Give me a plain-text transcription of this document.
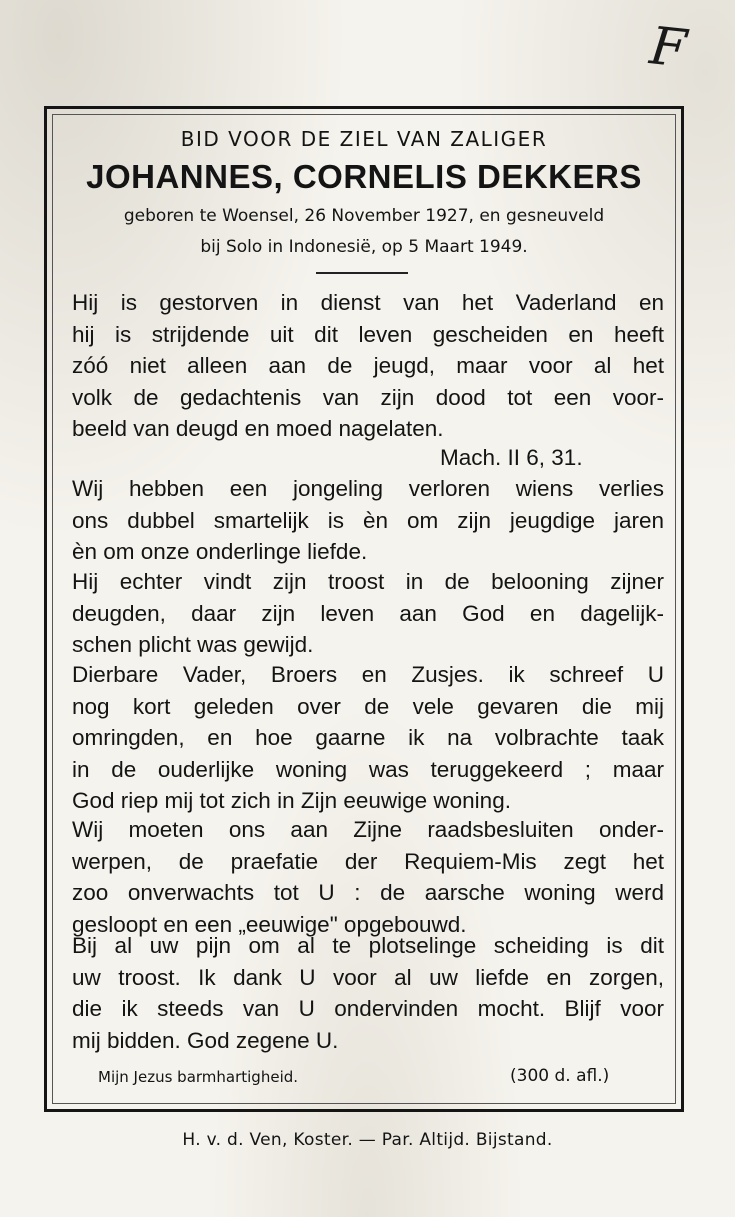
F

BID VOOR DE ZIEL VAN ZALIGER

JOHANNES, CORNELIS DEKKERS

geboren te Woensel, 26 November 1927, en gesneuveld

bij Solo in Indonesië, op 5 Maart 1949.

Hij is gestorven in dienst van het Vaderland en
hij is strijdende uit dit leven gescheiden en heeft
zóó niet alleen aan de jeugd, maar voor al het
volk de gedachtenis van zijn dood tot een voor-
beeld van deugd en moed nagelaten.

Mach. II 6, 31.

Wij hebben een jongeling verloren wiens verlies
ons dubbel smartelijk is èn om zijn jeugdige jaren
èn om onze onderlinge liefde.
Hij echter vindt zijn troost in de belooning zijner
deugden, daar zijn leven aan God en dagelijk-
schen plicht was gewijd.
Dierbare Vader, Broers en Zusjes. ik schreef U
nog kort geleden over de vele gevaren die mij
omringden, en hoe gaarne ik na volbrachte taak
in de ouderlijke woning was teruggekeerd ; maar
God riep mij tot zich in Zijn eeuwige woning.
Wij moeten ons aan Zijne raadsbesluiten onder-
werpen, de praefatie der Requiem-Mis zegt het
zoo onverwachts tot U : de aarsche woning werd
gesloopt en een „eeuwige" opgebouwd.
Bij al uw pijn om al te plotselinge scheiding is dit
uw troost. Ik dank U voor al uw liefde en zorgen,
die ik steeds van U ondervinden mocht. Blijf voor
mij bidden. God zegene U.

Mijn Jezus barmhartigheid.	(300 d. afl.)

H. v. d. Ven, Koster. — Par. Altijd. Bijstand.
